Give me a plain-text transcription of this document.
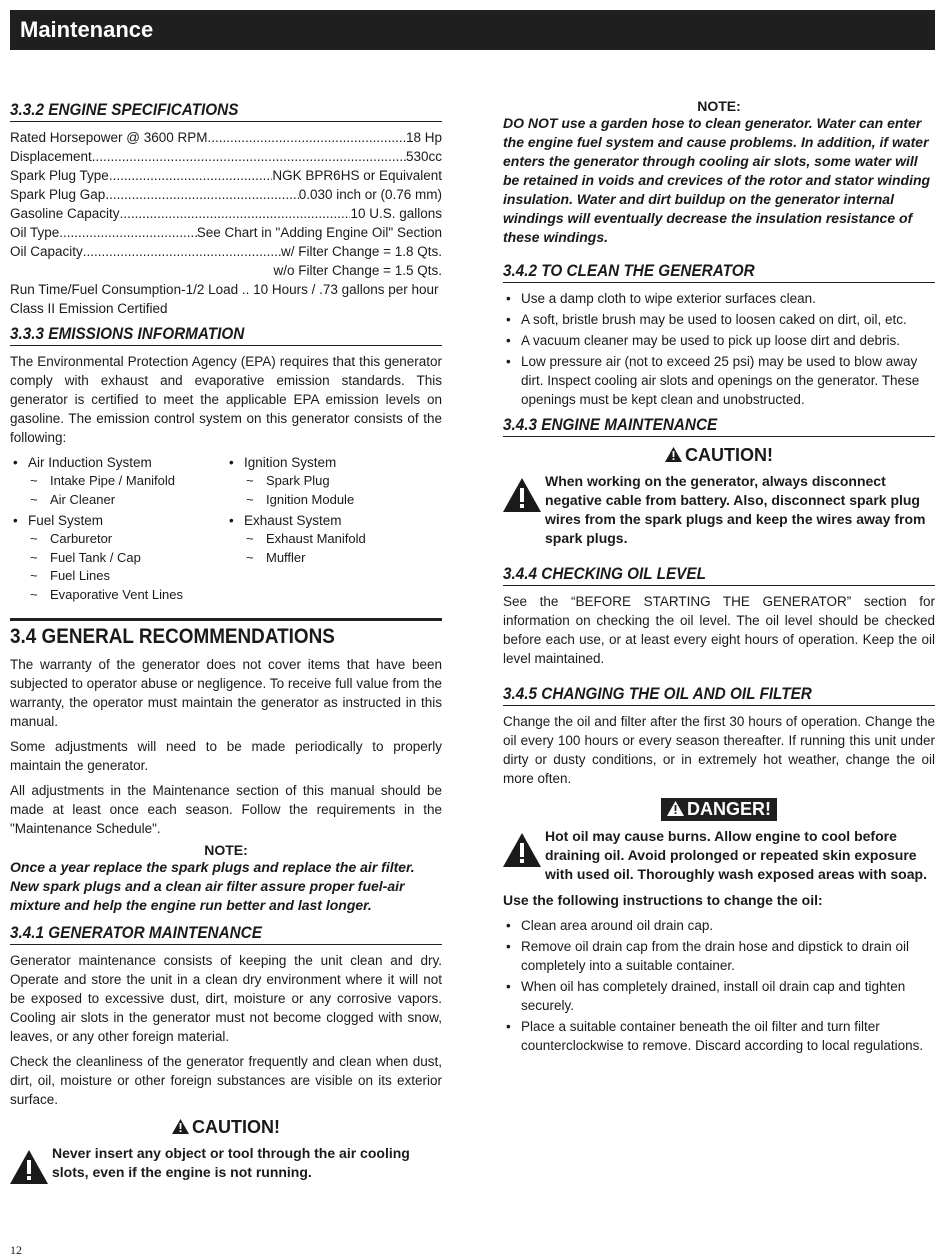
Maintenance
3.3.2 ENGINE SPECIFICATIONS
Rated Horsepower @ 3600 RPM .....	18 Hp
Displacement .....	530cc
Spark Plug Type .....	NGK BPR6HS or Equivalent
Spark Plug Gap .....	0.030 inch or (0.76 mm)
Gasoline Capacity .....	10 U.S. gallons
Oil Type .....	See Chart in "Adding Engine Oil" Section
Oil Capacity .....	w/ Filter Change = 1.8 Qts.
w/o Filter Change = 1.5 Qts.
Run Time/Fuel Consumption-1/2 Load .. 10 Hours / .73 gallons per hour
Class II Emission Certified
3.3.3 EMISSIONS INFORMATION

The Environmental Protection Agency (EPA) requires that this generator comply with exhaust and evaporative emission standards. This generator is certified to meet the applicable EPA emission levels on gasoline. The emission control system on this generator consists of the following:

• Air Induction System
~ Intake Pipe / Manifold
~ Air Cleaner
• Fuel System
~ Carburetor
~ Fuel Tank / Cap
~ Fuel Lines
~ Evaporative Vent Lines
• Ignition System
~ Spark Plug
~ Ignition Module
• Exhaust System
~ Exhaust Manifold
~ Muffler
3.4 GENERAL RECOMMENDATIONS

The warranty of the generator does not cover items that have been subjected to operator abuse or negligence. To receive full value from the warranty, the operator must maintain the generator as instructed in this manual.

Some adjustments will need to be made periodically to properly maintain the generator.

All adjustments in the Maintenance section of this manual should be made at least once each season. Follow the requirements in the "Maintenance Schedule".

NOTE:
Once a year replace the spark plugs and replace the air filter. New spark plugs and a clean air filter assure proper fuel-air mixture and help the engine run better and last longer.
3.4.1 GENERATOR MAINTENANCE

Generator maintenance consists of keeping the unit clean and dry. Operate and store the unit in a clean dry environment where it will not be exposed to excessive dust, dirt, moisture or any corrosive vapors. Cooling air slots in the generator must not become clogged with snow, leaves, or any other foreign material.

Check the cleanliness of the generator frequently and clean when dust, dirt, oil, moisture or other foreign substances are visible on its exterior surface.

CAUTION!
Never insert any object or tool through the air cooling slots, even if the engine is not running.
NOTE:
DO NOT use a garden hose to clean generator. Water can enter the engine fuel system and cause problems. In addition, if water enters the generator through cooling air slots, some water will be retained in voids and crevices of the rotor and stator winding insulation. Water and dirt buildup on the generator internal windings will eventually decrease the insulation resistance of these windings.
3.4.2 TO CLEAN THE GENERATOR
• Use a damp cloth to wipe exterior surfaces clean.
• A soft, bristle brush may be used to loosen caked on dirt, oil, etc.
• A vacuum cleaner may be used to pick up loose dirt and debris.
• Low pressure air (not to exceed 25 psi) may be used to blow away dirt. Inspect cooling air slots and openings on the generator. These openings must be kept clean and unobstructed.
3.4.3 ENGINE MAINTENANCE
CAUTION!
When working on the generator, always disconnect negative cable from battery. Also, disconnect spark plug wires from the spark plugs and keep the wires away from spark plugs.
3.4.4 CHECKING OIL LEVEL

See the “BEFORE STARTING THE GENERATOR” section for information on checking the oil level. The oil level should be checked before each use, or at least every eight hours of operation. Keep the oil level maintained.

3.4.5 CHANGING THE OIL AND OIL FILTER

Change the oil and filter after the first 30 hours of operation. Change the oil every 100 hours or every season thereafter. If running this unit under dirty or dusty conditions, or in extremely hot weather, change the oil more often.

DANGER!
Hot oil may cause burns. Allow engine to cool before draining oil. Avoid prolonged or repeated skin exposure with used oil. Thoroughly wash exposed areas with soap.
Use the following instructions to change the oil:
• Clean area around oil drain cap.
• Remove oil drain cap from the drain hose and dipstick to drain oil completely into a suitable container.
• When oil has completely drained, install oil drain cap and tighten securely.
• Place a suitable container beneath the oil filter and turn filter counterclockwise to remove. Discard according to local regulations.
12
